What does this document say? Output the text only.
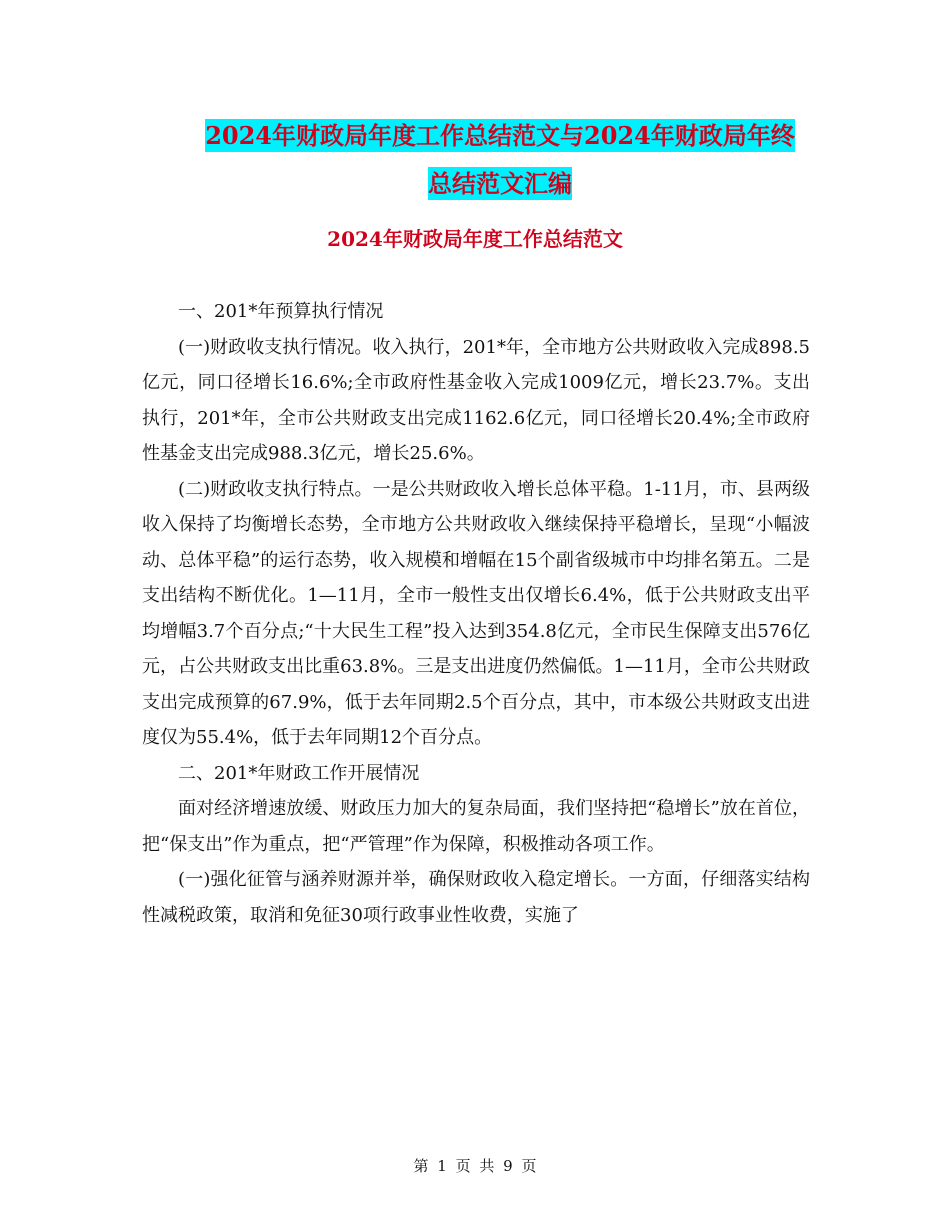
2024年财政局年度工作总结范文与2024年财政局年终
总结范文汇编
2024年财政局年度工作总结范文

一、201*年预算执行情况

(一)财政收支执行情况。收入执行，201*年，全市地方公共财政收入完成898.5亿元，同口径增长16.6%;全市政府性基金收入完成1009亿元，增长23.7%。支出执行，201*年，全市公共财政支出完成1162.6亿元，同口径增长20.4%;全市政府性基金支出完成988.3亿元，增长25.6%。

(二)财政收支执行特点。一是公共财政收入增长总体平稳。1-11月，市、县两级收入保持了均衡增长态势，全市地方公共财政收入继续保持平稳增长，呈现“小幅波动、总体平稳”的运行态势，收入规模和增幅在15个副省级城市中均排名第五。二是支出结构不断优化。1—11月，全市一般性支出仅增长6.4%，低于公共财政支出平均增幅3.7个百分点;“十大民生工程”投入达到354.8亿元，全市民生保障支出576亿元，占公共财政支出比重63.8%。三是支出进度仍然偏低。1—11月，全市公共财政支出完成预算的67.9%，低于去年同期2.5个百分点，其中，市本级公共财政支出进度仅为55.4%，低于去年同期12个百分点。

二、201*年财政工作开展情况

面对经济增速放缓、财政压力加大的复杂局面，我们坚持把“稳增长”放在首位，把“保支出”作为重点，把“严管理”作为保障，积极推动各项工作。

(一)强化征管与涵养财源并举，确保财政收入稳定增长。一方面，仔细落实结构性减税政策，取消和免征30项行政事业性收费，实施了

第 1 页 共 9 页
